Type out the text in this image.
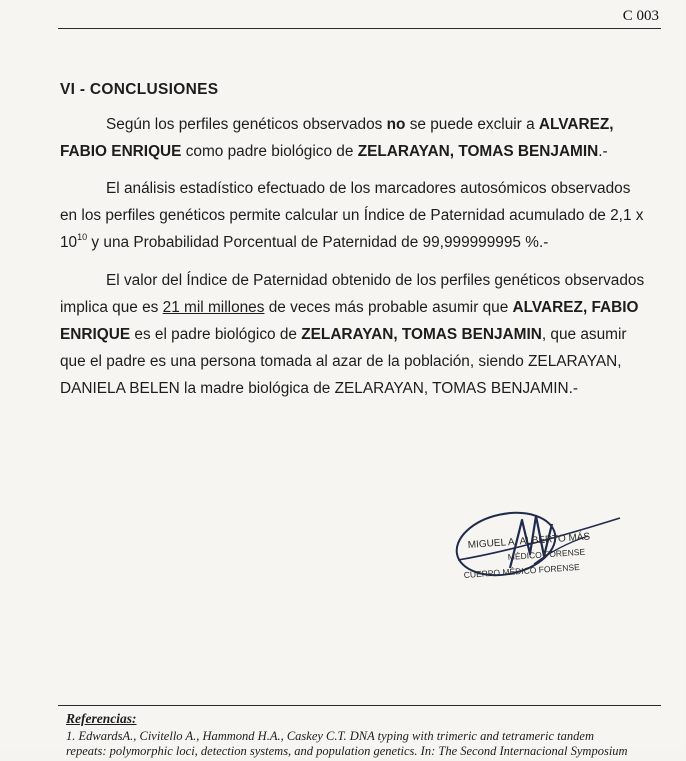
C 003
VI - CONCLUSIONES
Según los perfiles genéticos observados no se puede excluir a ALVAREZ,
FABIO ENRIQUE como padre biológico de ZELARAYAN, TOMAS BENJAMIN.-
El análisis estadístico efectuado de los marcadores autosómicos observados
en los perfiles genéticos permite calcular un Índice de Paternidad acumulado de 2,1 x
$10^{10}$ y una Probabilidad Porcentual de Paternidad de 99,999999995 %.-
El valor del Índice de Paternidad obtenido de los perfiles genéticos observados
implica que es 21 mil millones de veces más probable asumir que ALVAREZ, FABIO
ENRIQUE es el padre biológico de ZELARAYAN, TOMAS BENJAMIN, que asumir
que el padre es una persona tomada al azar de la población, siendo ZELARAYAN,
DANIELA BELEN la madre biológica de ZELARAYAN, TOMAS BENJAMIN.-
MIGUEL A. ALBERTO MÁS
MÉDICO FORENSE
CUERPO MÉDICO FORENSE
Referencias:
1. EdwardsA., Civitello A., Hammond H.A., Caskey C.T. DNA typing with trimeric and tetrameric tandem
repeats: polymorphic loci, detection systems, and population genetics. In: The Second Internacional Symposium
